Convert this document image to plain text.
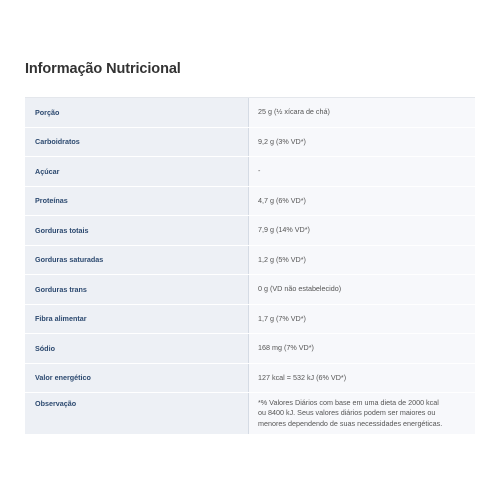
Informação Nutricional
Porção	25 g (½ xícara de chá)
Carboidratos	9,2 g (3% VD*)
Açúcar	-
Proteínas	4,7 g (6% VD*)
Gorduras totais	7,9 g (14% VD*)
Gorduras saturadas	1,2 g (5% VD*)
Gorduras trans	0 g (VD não estabelecido)
Fibra alimentar	1,7 g (7% VD*)
Sódio	168 mg (7% VD*)
Valor energético	127 kcal = 532 kJ (6% VD*)
Observação	*% Valores Diários com base em uma dieta de 2000 kcal ou 8400 kJ. Seus valores diários podem ser maiores ou menores dependendo de suas necessidades energéticas.
